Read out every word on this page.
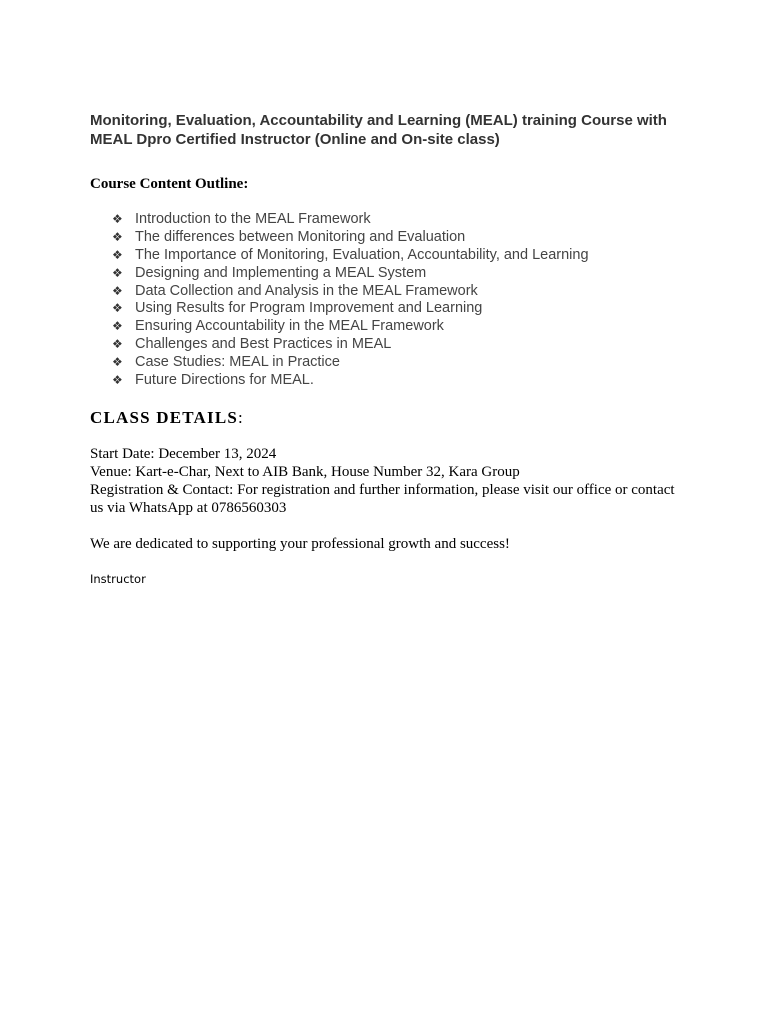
Monitoring, Evaluation, Accountability and Learning (MEAL) training Course with MEAL Dpro Certified Instructor (Online and On-site class)
Course Content Outline:
❖ Introduction to the MEAL Framework
❖ The differences between Monitoring and Evaluation
❖ The Importance of Monitoring, Evaluation, Accountability, and Learning
❖ Designing and Implementing a MEAL System
❖ Data Collection and Analysis in the MEAL Framework
❖ Using Results for Program Improvement and Learning
❖ Ensuring Accountability in the MEAL Framework
❖ Challenges and Best Practices in MEAL
❖ Case Studies: MEAL in Practice
❖ Future Directions for MEAL.
CLASS DETAILS:
Start Date: December 13, 2024
Venue: Kart-e-Char, Next to AIB Bank, House Number 32, Kara Group
Registration & Contact: For registration and further information, please visit our office or contact us via WhatsApp at 0786560303
We are dedicated to supporting your professional growth and success!
Instructor
